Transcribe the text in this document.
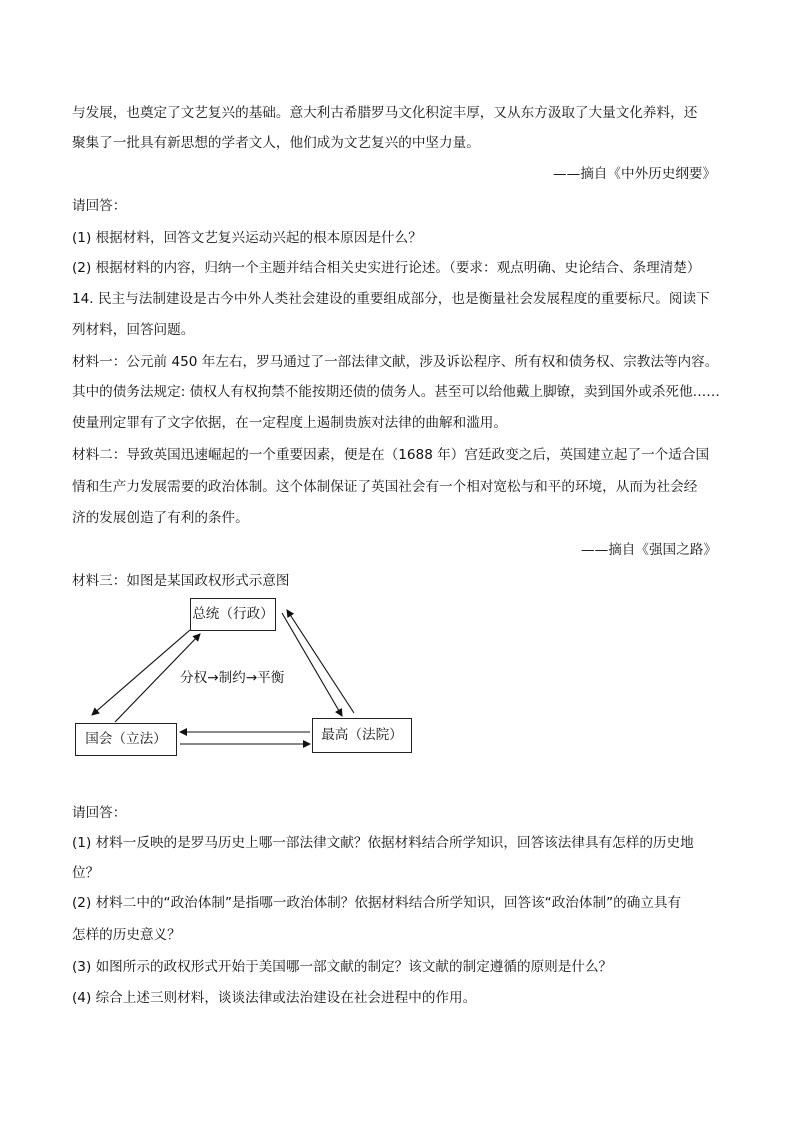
与发展，也奠定了文艺复兴的基础。意大利古希腊罗马文化积淀丰厚，又从东方汲取了大量文化养料，还
聚集了一批具有新思想的学者文人，他们成为文艺复兴的中坚力量。
——摘自《中外历史纲要》
请回答：
(1) 根据材料，回答文艺复兴运动兴起的根本原因是什么？
(2) 根据材料的内容，归纳一个主题并结合相关史实进行论述。（要求：观点明确、史论结合、条理清楚）
14. 民主与法制建设是古今中外人类社会建设的重要组成部分，也是衡量社会发展程度的重要标尺。阅读下
列材料，回答问题。
材料一：公元前 450 年左右，罗马通过了一部法律文献，涉及诉讼程序、所有权和债务权、宗教法等内容。
其中的债务法规定: 债权人有权拘禁不能按期还债的债务人。甚至可以给他戴上脚镣，卖到国外或杀死他……
使量刑定罪有了文字依据，在一定程度上遏制贵族对法律的曲解和滥用。
材料二：导致英国迅速崛起的一个重要因素，便是在（1688 年）宫廷政变之后，英国建立起了一个适合国
情和生产力发展需要的政治体制。这个体制保证了英国社会有一个相对宽松与和平的环境，从而为社会经
济的发展创造了有利的条件。
——摘自《强国之路》
材料三：如图是某国政权形式示意图
总统（行政）
国会（立法）	最高（法院）
分权→制约→平衡
请回答：
(1) 材料一反映的是罗马历史上哪一部法律文献？依据材料结合所学知识，回答该法律具有怎样的历史地
位？
(2) 材料二中的“政治体制”是指哪一政治体制？依据材料结合所学知识，回答该“政治体制”的确立具有
怎样的历史意义？
(3) 如图所示的政权形式开始于美国哪一部文献的制定？该文献的制定遵循的原则是什么？
(4) 综合上述三则材料，谈谈法律或法治建设在社会进程中的作用。
